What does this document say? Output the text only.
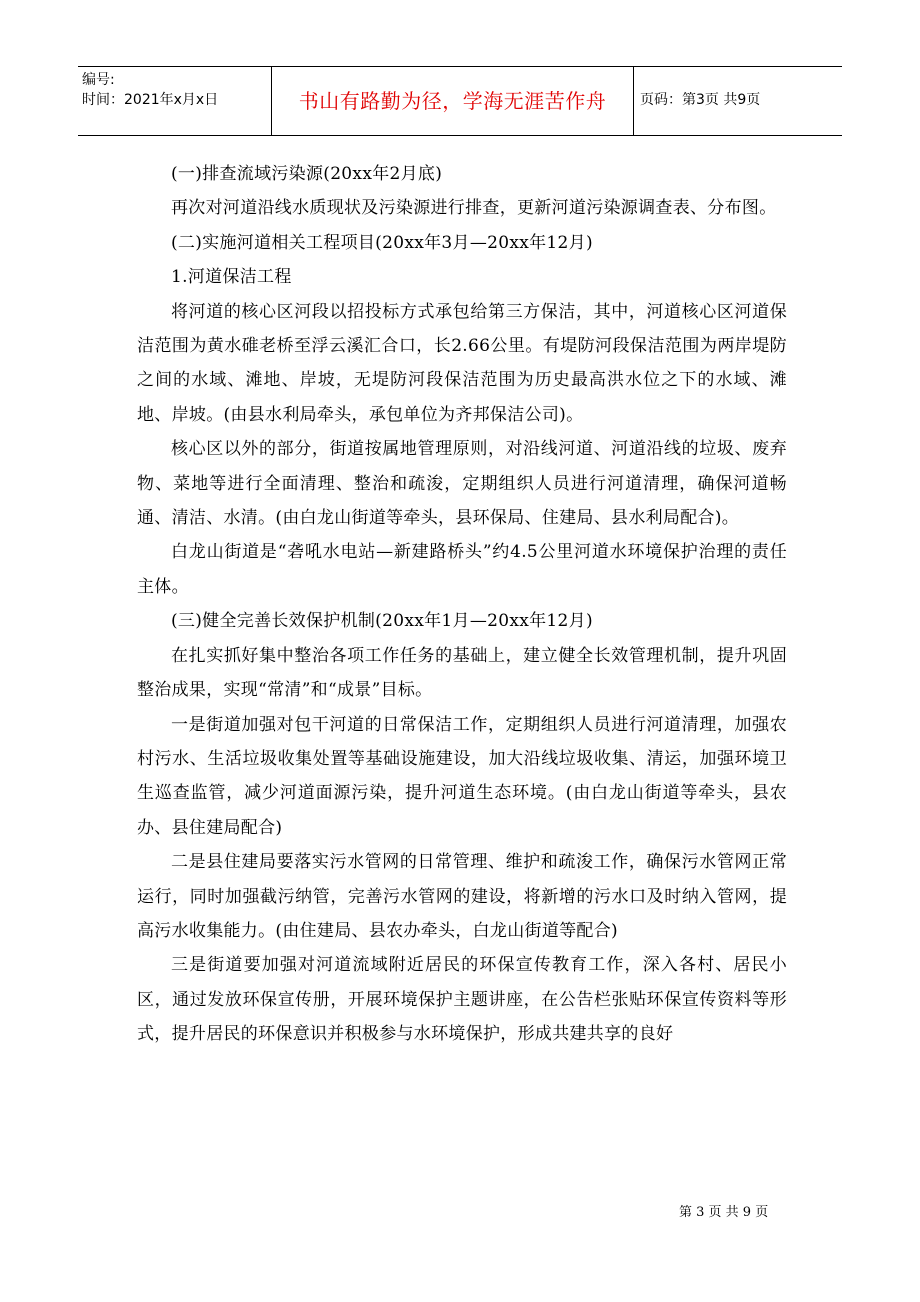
编号:
时间：2021年x月x日	书山有路勤为径，学海无涯苦作舟	页码：第3页 共9页

(一)排查流域污染源(20xx年2月底)

再次对河道沿线水质现状及污染源进行排查，更新河道污染源调查表、分布图。

(二)实施河道相关工程项目(20xx年3月—20xx年12月)

1.河道保洁工程

将河道的核心区河段以招投标方式承包给第三方保洁，其中，河道核心区河道保洁范围为黄水碓老桥至浮云溪汇合口，长2.66公里。有堤防河段保洁范围为两岸堤防之间的水域、滩地、岸坡，无堤防河段保洁范围为历史最高洪水位之下的水域、滩地、岸坡。(由县水利局牵头，承包单位为齐邦保洁公司)。

核心区以外的部分，街道按属地管理原则，对沿线河道、河道沿线的垃圾、废弃物、菜地等进行全面清理、整治和疏浚，定期组织人员进行河道清理，确保河道畅通、清洁、水清。(由白龙山街道等牵头，县环保局、住建局、县水利局配合)。

白龙山街道是“砻吼水电站—新建路桥头”约4.5公里河道水环境保护治理的责任主体。

(三)健全完善长效保护机制(20xx年1月—20xx年12月)

在扎实抓好集中整治各项工作任务的基础上，建立健全长效管理机制，提升巩固整治成果，实现“常清”和“成景”目标。

一是街道加强对包干河道的日常保洁工作，定期组织人员进行河道清理，加强农村污水、生活垃圾收集处置等基础设施建设，加大沿线垃圾收集、清运，加强环境卫生巡查监管，减少河道面源污染，提升河道生态环境。(由白龙山街道等牵头，县农办、县住建局配合)

二是县住建局要落实污水管网的日常管理、维护和疏浚工作，确保污水管网正常运行，同时加强截污纳管，完善污水管网的建设，将新增的污水口及时纳入管网，提高污水收集能力。(由住建局、县农办牵头，白龙山街道等配合)

三是街道要加强对河道流域附近居民的环保宣传教育工作，深入各村、居民小区，通过发放环保宣传册，开展环境保护主题讲座，在公告栏张贴环保宣传资料等形式，提升居民的环保意识并积极参与水环境保护，形成共建共享的良好

第 3 页 共 9 页
